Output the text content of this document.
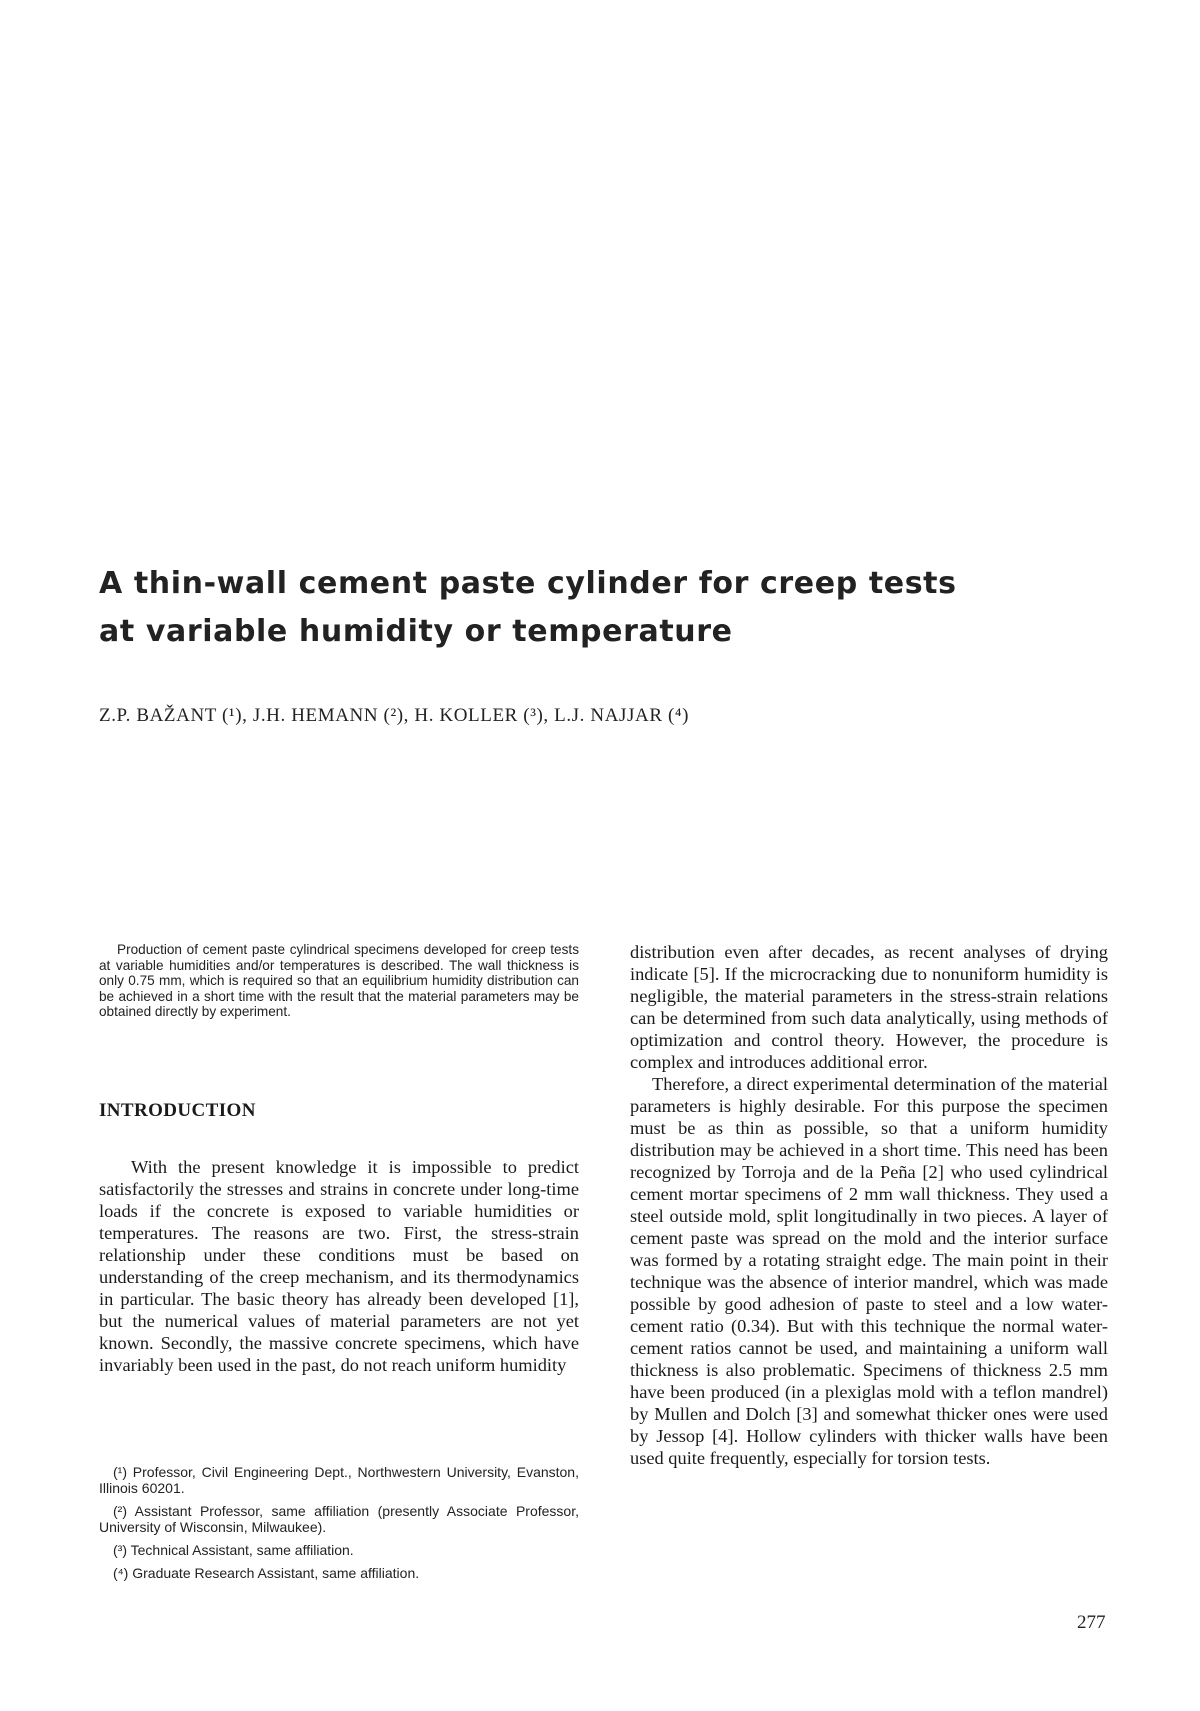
A thin-wall cement paste cylinder for creep tests
at variable humidity or temperature
Z.P. BAŽANT (¹), J.H. HEMANN (²), H. KOLLER (³), L.J. NAJJAR (⁴)

Production of cement paste cylindrical specimens developed for creep tests at variable humidities and/or temperatures is described. The wall thickness is only 0.75 mm, which is required so that an equilibrium humidity distribution can be achieved in a short time with the result that the material parameters may be obtained directly by experiment.

INTRODUCTION

With the present knowledge it is impossible to predict satisfactorily the stresses and strains in concrete under long-time loads if the concrete is exposed to variable humidities or temperatures. The reasons are two. First, the stress-strain relationship under these conditions must be based on understanding of the creep mechanism, and its thermodynamics in particular. The basic theory has already been developed [1], but the numerical values of material parameters are not yet known. Secondly, the massive concrete specimens, which have invariably been used in the past, do not reach uniform humidity

(¹) Professor, Civil Engineering Dept., Northwestern University, Evanston, Illinois 60201.

(²) Assistant Professor, same affiliation (presently Associate Professor, University of Wisconsin, Milwaukee).

(³) Technical Assistant, same affiliation.

(⁴) Graduate Research Assistant, same affiliation.

distribution even after decades, as recent analyses of drying indicate [5]. If the microcracking due to nonuniform humidity is negligible, the material parameters in the stress-strain relations can be determined from such data analytically, using methods of optimization and control theory. However, the procedure is complex and introduces additional error.

Therefore, a direct experimental determination of the material parameters is highly desirable. For this purpose the specimen must be as thin as possible, so that a uniform humidity distribution may be achieved in a short time. This need has been recognized by Torroja and de la Peña [2] who used cylindrical cement mortar specimens of 2 mm wall thickness. They used a steel outside mold, split longitudinally in two pieces. A layer of cement paste was spread on the mold and the interior surface was formed by a rotating straight edge. The main point in their technique was the absence of interior mandrel, which was made possible by good adhesion of paste to steel and a low water-cement ratio (0.34). But with this technique the normal water-cement ratios cannot be used, and maintaining a uniform wall thickness is also problematic. Specimens of thickness 2.5 mm have been produced (in a plexiglas mold with a teflon mandrel) by Mullen and Dolch [3] and somewhat thicker ones were used by Jessop [4]. Hollow cylinders with thicker walls have been used quite frequently, especially for torsion tests.

277
